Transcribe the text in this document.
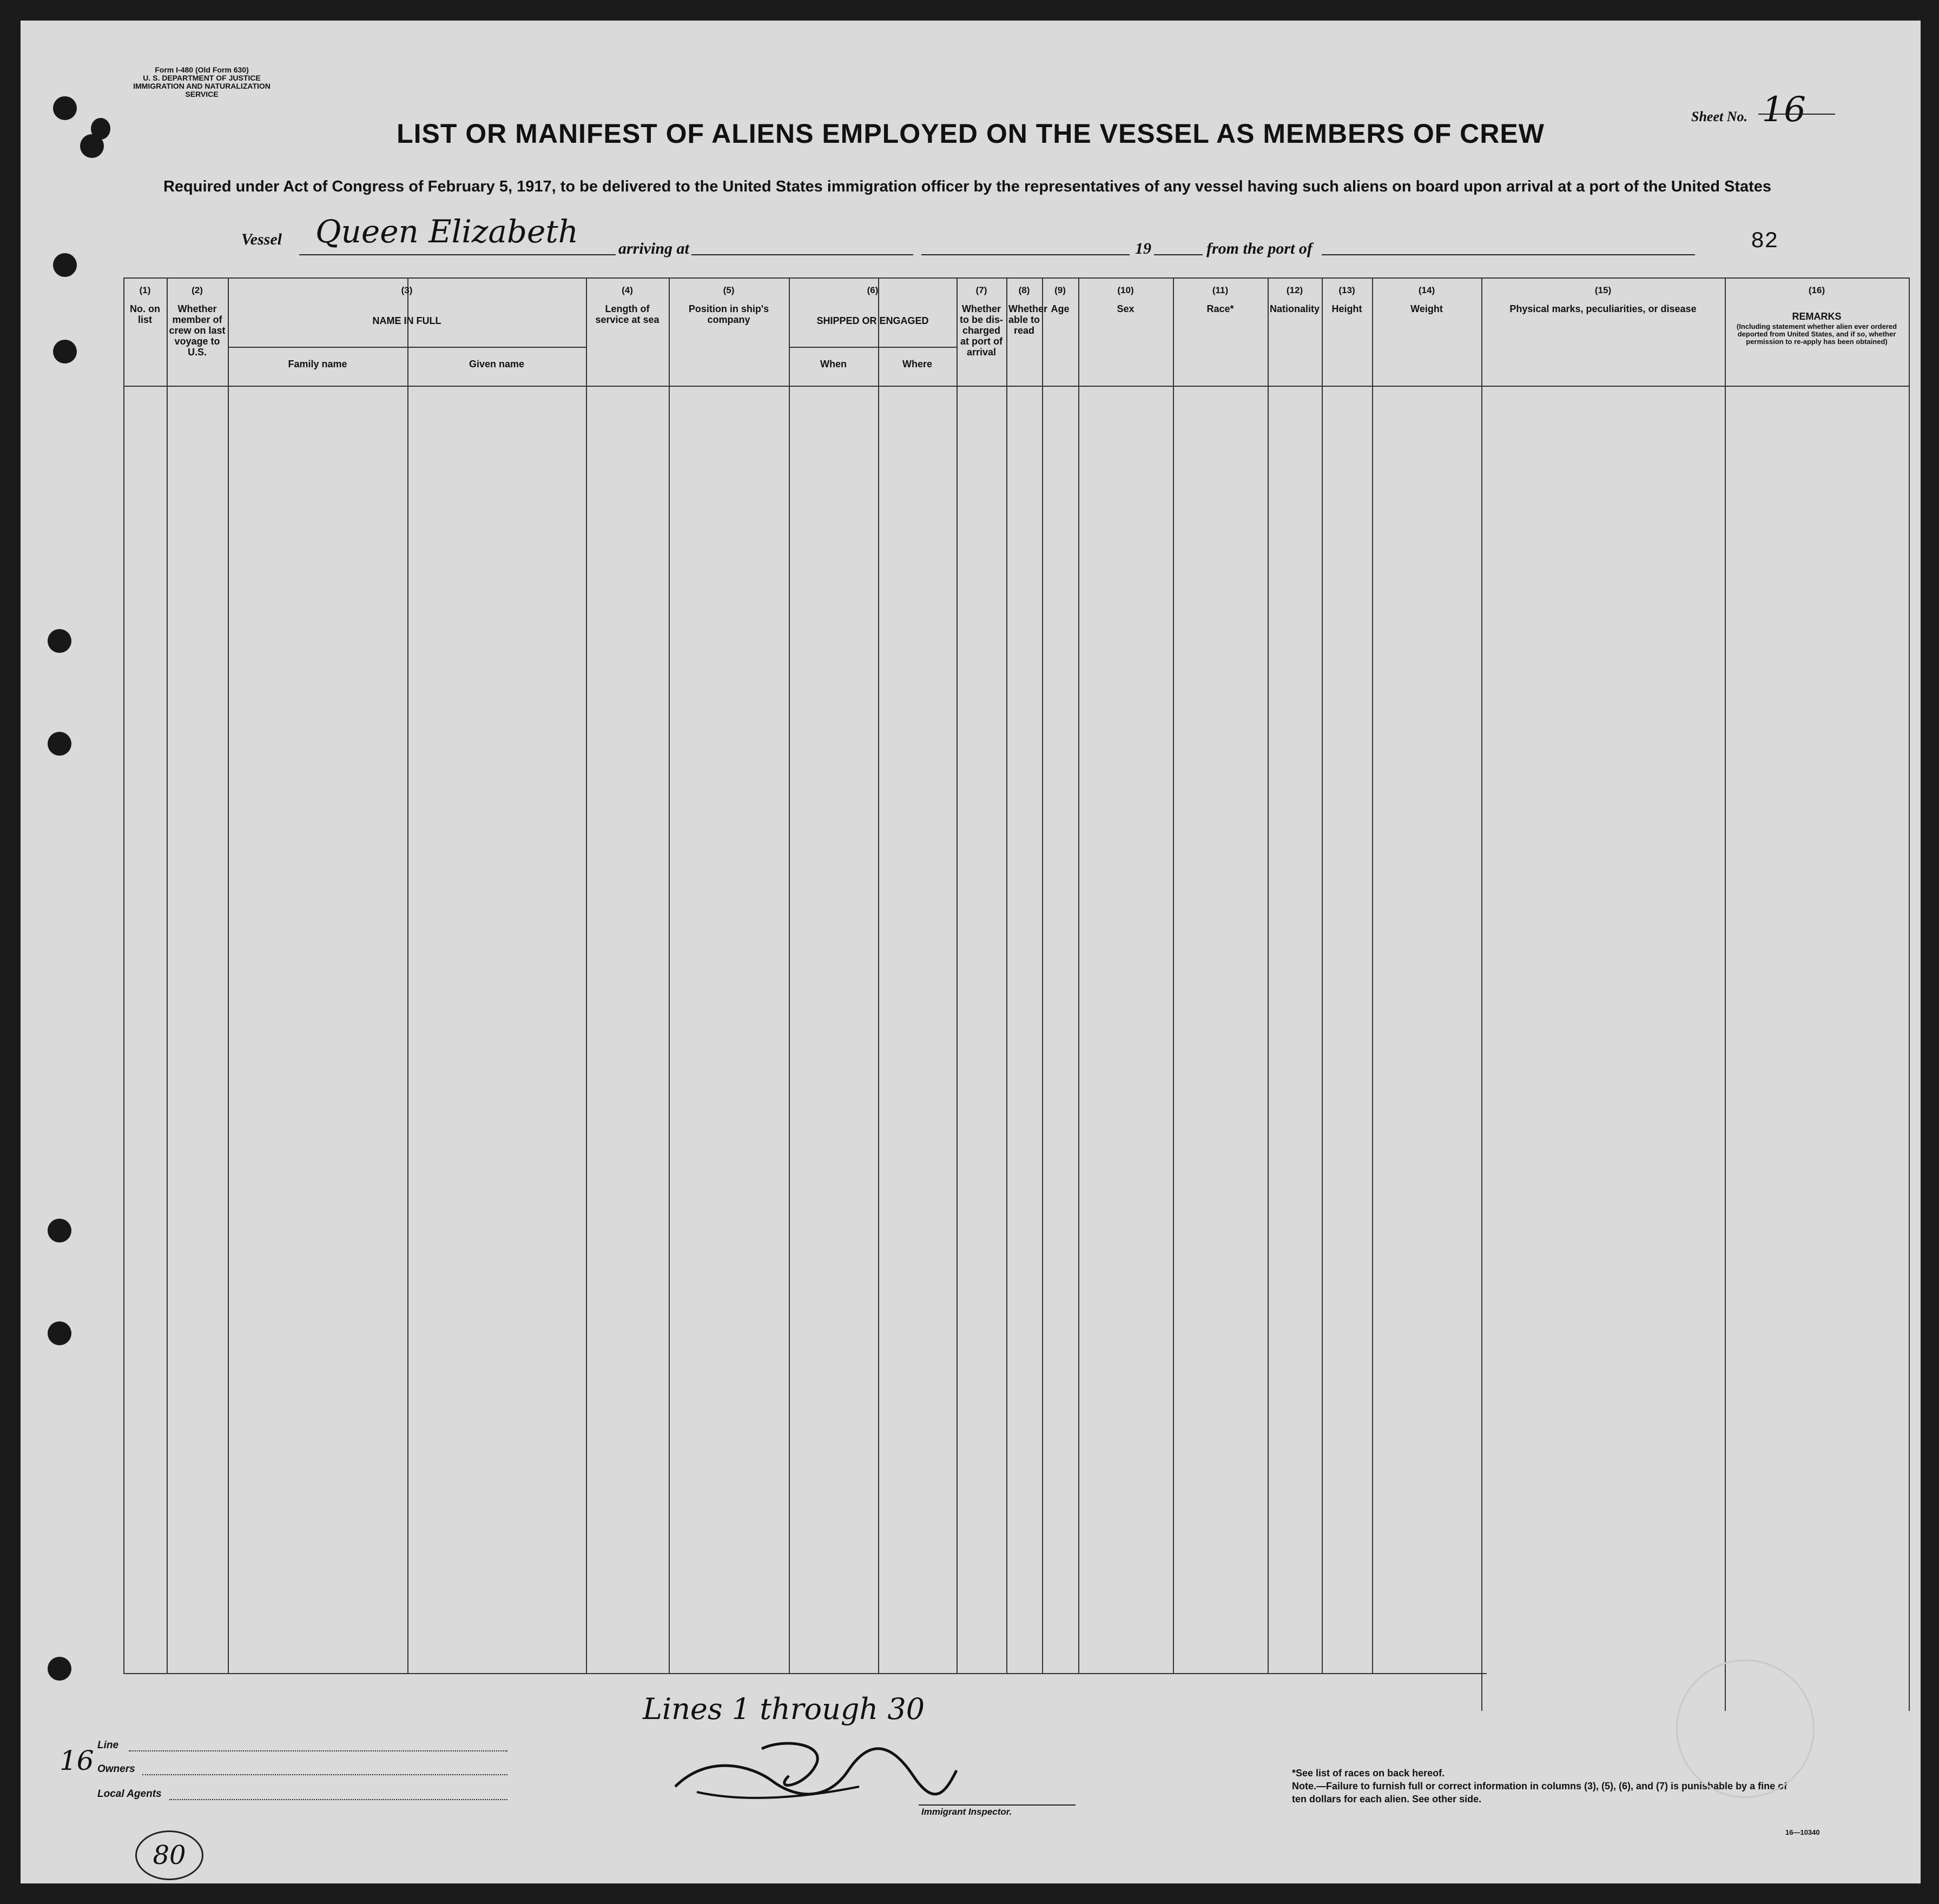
Form I-480 (Old Form 630)
U. S. DEPARTMENT OF JUSTICE
IMMIGRATION AND NATURALIZATION SERVICE
Sheet No. 16
LIST OR MANIFEST OF ALIENS EMPLOYED ON THE VESSEL AS MEMBERS OF CREW
Required under Act of Congress of February 5, 1917, to be delivered to the United States immigration officer by the representatives of any vessel having such aliens on board upon arrival at a port of the United States
Vessel Queen Elizabeth arriving at	19	from the port of	82
(1)
No. on list
(2)
Whether member of crew on last voyage to U.S.
(3)
NAME IN FULL
Family name	Given name
(4)
Length of service at sea
(5)
Position in ship's company
(6)
SHIPPED OR ENGAGED
When	Where
(7)
Whether to be dis-charged at port of arrival
(8)
Whether able to read
(9)
Age
(10)
Sex
(11)
Race*
(12)
Nationality
(13)
Height
(14)
Weight
(15)
Physical marks, peculiarities, or disease
(16)
REMARKS
(Including statement whether alien ever ordered deported from United States, and if so, whether permission to re-apply has been obtained)
Lines 1 through 30
Line
Owners
Local Agents
Immigrant Inspector.
*See list of races on back hereof.
Note.—Failure to furnish full or correct information in columns (3), (5), (6), and (7) is punishable by a fine of ten dollars for each alien. See other side.
16—10340
16
80
